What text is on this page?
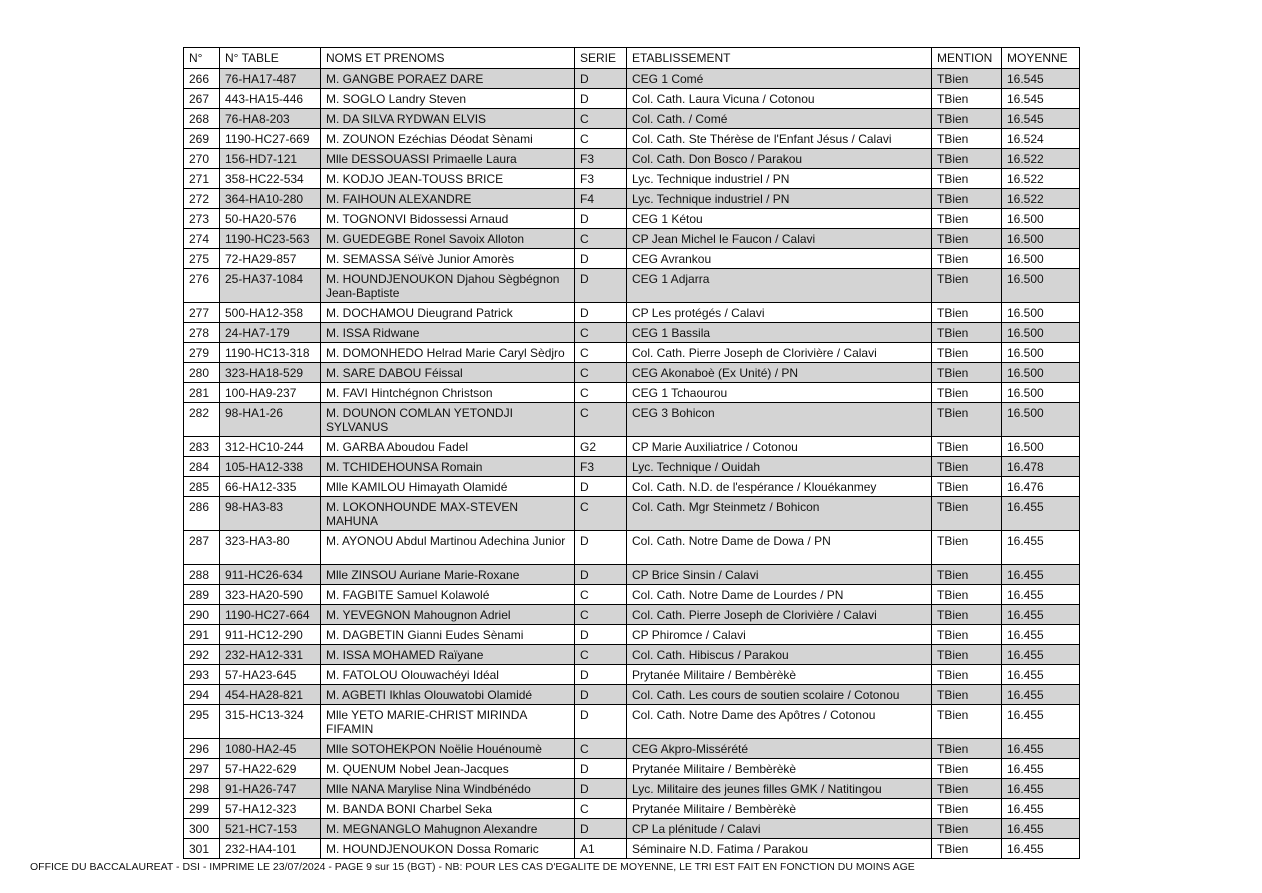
N°	N° TABLE	NOMS ET PRENOMS	SERIE	ETABLISSEMENT	MENTION	MOYENNE
266	76-HA17-487	M. GANGBE PORAEZ DARE	D	CEG 1 Comé	TBien	16.545
267	443-HA15-446	M. SOGLO Landry Steven	D	Col. Cath. Laura Vicuna / Cotonou	TBien	16.545
268	76-HA8-203	M. DA SILVA RYDWAN ELVIS	C	Col. Cath. / Comé	TBien	16.545
269	1190-HC27-669	M. ZOUNON Ezéchias Déodat Sènami	C	Col. Cath. Ste Thérèse de l'Enfant Jésus / Calavi	TBien	16.524
270	156-HD7-121	Mlle DESSOUASSI Primaelle Laura	F3	Col. Cath. Don Bosco / Parakou	TBien	16.522
271	358-HC22-534	M. KODJO JEAN-TOUSS BRICE	F3	Lyc. Technique industriel / PN	TBien	16.522
272	364-HA10-280	M. FAIHOUN ALEXANDRE	F4	Lyc. Technique industriel / PN	TBien	16.522
273	50-HA20-576	M. TOGNONVI Bidossessi Arnaud	D	CEG 1 Kétou	TBien	16.500
274	1190-HC23-563	M. GUEDEGBE Ronel Savoix Alloton	C	CP Jean Michel le Faucon / Calavi	TBien	16.500
275	72-HA29-857	M. SEMASSA Séïvè Junior Amorès	D	CEG Avrankou	TBien	16.500
276	25-HA37-1084	M. HOUNDJENOUKON Djahou Sègbégnon Jean-Baptiste	D	CEG 1 Adjarra	TBien	16.500
277	500-HA12-358	M. DOCHAMOU Dieugrand Patrick	D	CP Les protégés / Calavi	TBien	16.500
278	24-HA7-179	M. ISSA Ridwane	C	CEG 1 Bassila	TBien	16.500
279	1190-HC13-318	M. DOMONHEDO Helrad Marie Caryl Sèdjro	C	Col. Cath. Pierre Joseph de Clorivière / Calavi	TBien	16.500
280	323-HA18-529	M. SARE DABOU Féissal	C	CEG Akonaboè (Ex Unité) / PN	TBien	16.500
281	100-HA9-237	M. FAVI Hintchégnon Christson	C	CEG 1 Tchaourou	TBien	16.500
282	98-HA1-26	M. DOUNON COMLAN YETONDJI SYLVANUS	C	CEG 3 Bohicon	TBien	16.500
283	312-HC10-244	M. GARBA Aboudou Fadel	G2	CP Marie Auxiliatrice / Cotonou	TBien	16.500
284	105-HA12-338	M. TCHIDEHOUNSA Romain	F3	Lyc. Technique / Ouidah	TBien	16.478
285	66-HA12-335	Mlle KAMILOU Himayath Olamidé	D	Col. Cath. N.D. de l'espérance / Klouékanmey	TBien	16.476
286	98-HA3-83	M. LOKONHOUNDE MAX-STEVEN MAHUNA	C	Col. Cath. Mgr Steinmetz / Bohicon	TBien	16.455
287	323-HA3-80	M. AYONOU Abdul Martinou Adechina Junior	D	Col. Cath. Notre Dame de Dowa / PN	TBien	16.455
288	911-HC26-634	Mlle ZINSOU Auriane Marie-Roxane	D	CP Brice Sinsin / Calavi	TBien	16.455
289	323-HA20-590	M. FAGBITE Samuel Kolawolé	C	Col. Cath. Notre Dame de Lourdes / PN	TBien	16.455
290	1190-HC27-664	M. YEVEGNON Mahougnon Adriel	C	Col. Cath. Pierre Joseph de Clorivière / Calavi	TBien	16.455
291	911-HC12-290	M. DAGBETIN Gianni Eudes Sènami	D	CP Phiromce / Calavi	TBien	16.455
292	232-HA12-331	M. ISSA MOHAMED Raïyane	C	Col. Cath. Hibiscus / Parakou	TBien	16.455
293	57-HA23-645	M. FATOLOU Olouwachéyi Idéal	D	Prytanée Militaire / Bembèrèkè	TBien	16.455
294	454-HA28-821	M. AGBETI Ikhlas Olouwatobi Olamidé	D	Col. Cath. Les cours de soutien scolaire / Cotonou	TBien	16.455
295	315-HC13-324	Mlle YETO MARIE-CHRIST MIRINDA FIFAMIN	D	Col. Cath. Notre Dame des Apôtres / Cotonou	TBien	16.455
296	1080-HA2-45	Mlle SOTOHEKPON Noëlie Houénoumè	C	CEG Akpro-Missérété	TBien	16.455
297	57-HA22-629	M. QUENUM Nobel Jean-Jacques	D	Prytanée Militaire / Bembèrèkè	TBien	16.455
298	91-HA26-747	Mlle NANA Marylise Nina Windbénédo	D	Lyc. Militaire des jeunes filles GMK / Natitingou	TBien	16.455
299	57-HA12-323	M. BANDA BONI Charbel Seka	C	Prytanée Militaire / Bembèrèkè	TBien	16.455
300	521-HC7-153	M. MEGNANGLO Mahugnon Alexandre	D	CP La plénitude / Calavi	TBien	16.455
301	232-HA4-101	M. HOUNDJENOUKON Dossa Romaric	A1	Séminaire N.D. Fatima / Parakou	TBien	16.455
OFFICE DU BACCALAUREAT - DSI - IMPRIME LE 23/07/2024 - PAGE 9 sur 15 (BGT) - NB: POUR LES CAS D'EGALITE DE MOYENNE, LE TRI EST FAIT EN FONCTION DU MOINS AGE
